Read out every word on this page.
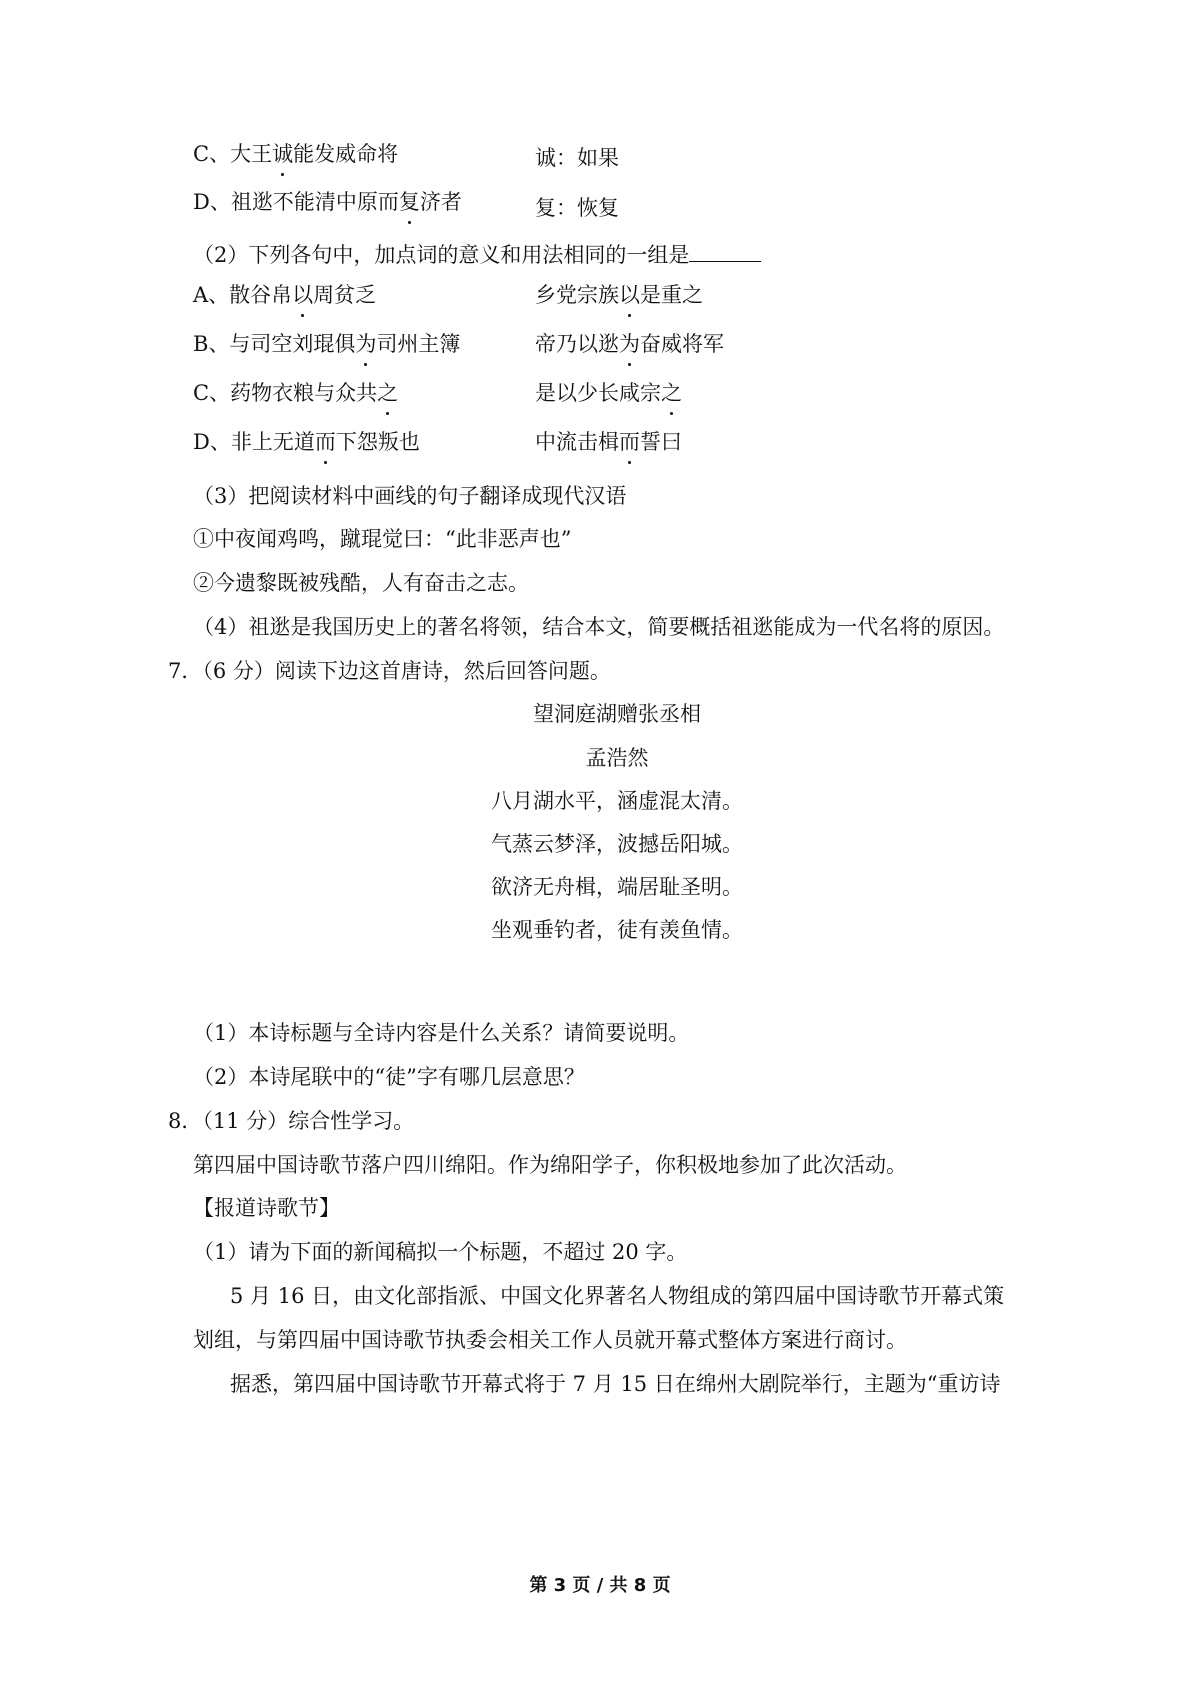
C、大王诚能发威命将	诚：如果
D、祖逖不能清中原而复济者	复：恢复
（2）下列各句中，加点词的意义和用法相同的一组是
A、散谷帛以周贫乏	乡党宗族以是重之
B、与司空刘琨俱为司州主簿	帝乃以逖为奋威将军
C、药物衣粮与众共之	是以少长咸宗之
D、非上无道而下怨叛也	中流击楫而誓曰
（3）把阅读材料中画线的句子翻译成现代汉语
①中夜闻鸡鸣，蹴琨觉曰：“此非恶声也”
②今遗黎既被残酷，人有奋击之志。
（4）祖逖是我国历史上的著名将领，结合本文，简要概括祖逖能成为一代名将的原因。
7．（6 分）阅读下边这首唐诗，然后回答问题。
望洞庭湖赠张丞相
孟浩然
八月湖水平，涵虚混太清。
气蒸云梦泽，波撼岳阳城。
欲济无舟楫，端居耻圣明。
坐观垂钓者，徒有羡鱼情。
（1）本诗标题与全诗内容是什么关系？请简要说明。
（2）本诗尾联中的“徒”字有哪几层意思？
8．（11 分）综合性学习。
第四届中国诗歌节落户四川绵阳。作为绵阳学子，你积极地参加了此次活动。
【报道诗歌节】
（1）请为下面的新闻稿拟一个标题，不超过 20 字。
5 月 16 日，由文化部指派、中国文化界著名人物组成的第四届中国诗歌节开幕式策
划组，与第四届中国诗歌节执委会相关工作人员就开幕式整体方案进行商讨。
据悉，第四届中国诗歌节开幕式将于 7 月 15 日在绵州大剧院举行，主题为“重访诗
第 3 页 / 共 8 页
